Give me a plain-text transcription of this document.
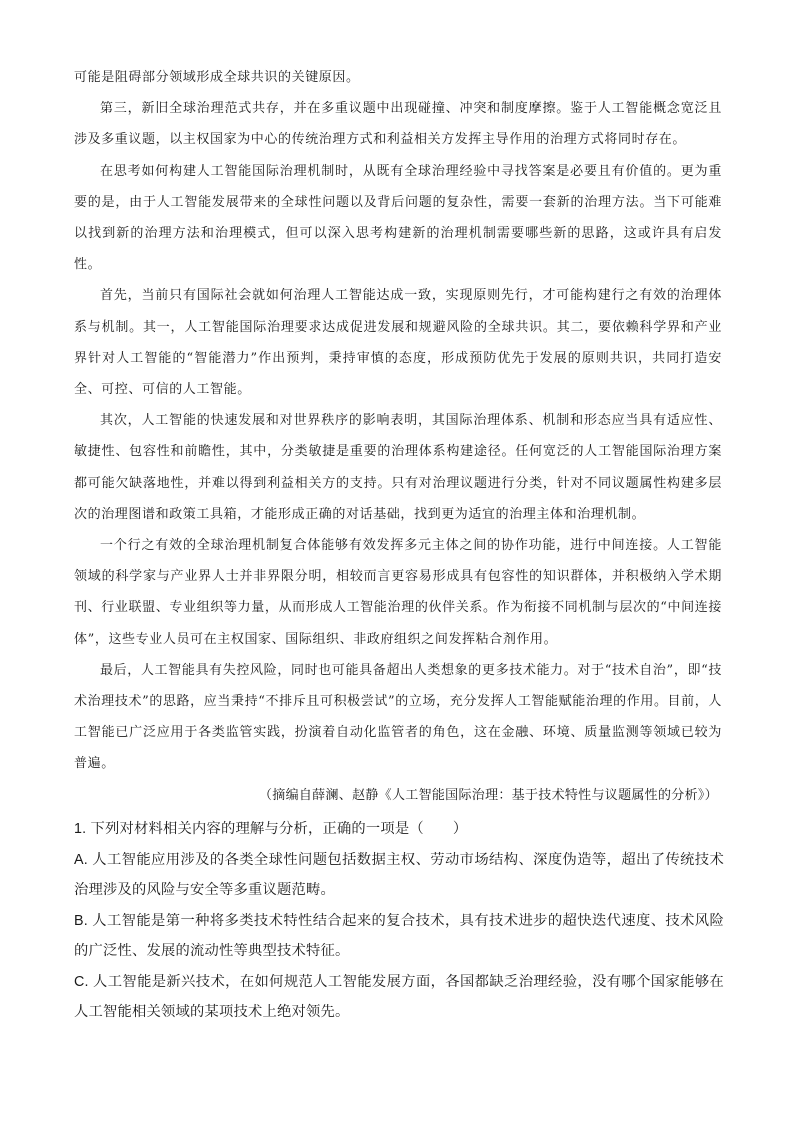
可能是阻碍部分领域形成全球共识的关键原因。

第三，新旧全球治理范式共存，并在多重议题中出现碰撞、冲突和制度摩擦。鉴于人工智能概念宽泛且涉及多重议题，以主权国家为中心的传统治理方式和利益相关方发挥主导作用的治理方式将同时存在。

在思考如何构建人工智能国际治理机制时，从既有全球治理经验中寻找答案是必要且有价值的。更为重要的是，由于人工智能发展带来的全球性问题以及背后问题的复杂性，需要一套新的治理方法。当下可能难以找到新的治理方法和治理模式，但可以深入思考构建新的治理机制需要哪些新的思路，这或许具有启发性。

首先，当前只有国际社会就如何治理人工智能达成一致，实现原则先行，才可能构建行之有效的治理体系与机制。其一，人工智能国际治理要求达成促进发展和规避风险的全球共识。其二，要依赖科学界和产业界针对人工智能的“智能潜力”作出预判，秉持审慎的态度，形成预防优先于发展的原则共识，共同打造安全、可控、可信的人工智能。

其次，人工智能的快速发展和对世界秩序的影响表明，其国际治理体系、机制和形态应当具有适应性、敏捷性、包容性和前瞻性，其中，分类敏捷是重要的治理体系构建途径。任何宽泛的人工智能国际治理方案都可能欠缺落地性，并难以得到利益相关方的支持。只有对治理议题进行分类，针对不同议题属性构建多层次的治理图谱和政策工具箱，才能形成正确的对话基础，找到更为适宜的治理主体和治理机制。

一个行之有效的全球治理机制复合体能够有效发挥多元主体之间的协作功能，进行中间连接。人工智能领域的科学家与产业界人士并非界限分明，相较而言更容易形成具有包容性的知识群体，并积极纳入学术期刊、行业联盟、专业组织等力量，从而形成人工智能治理的伙伴关系。作为衔接不同机制与层次的“中间连接体”，这些专业人员可在主权国家、国际组织、非政府组织之间发挥粘合剂作用。

最后，人工智能具有失控风险，同时也可能具备超出人类想象的更多技术能力。对于“技术自治”，即“技术治理技术”的思路，应当秉持“不排斥且可积极尝试”的立场，充分发挥人工智能赋能治理的作用。目前，人工智能已广泛应用于各类监管实践，扮演着自动化监管者的角色，这在金融、环境、质量监测等领域已较为普遍。

（摘编自薛澜、赵静《人工智能国际治理：基于技术特性与议题属性的分析》）

1. 下列对材料相关内容的理解与分析，正确的一项是（　　）

A. 人工智能应用涉及的各类全球性问题包括数据主权、劳动市场结构、深度伪造等，超出了传统技术治理涉及的风险与安全等多重议题范畴。

B. 人工智能是第一种将多类技术特性结合起来的复合技术，具有技术进步的超快迭代速度、技术风险的广泛性、发展的流动性等典型技术特征。

C. 人工智能是新兴技术，在如何规范人工智能发展方面，各国都缺乏治理经验，没有哪个国家能够在人工智能相关领域的某项技术上绝对领先。
